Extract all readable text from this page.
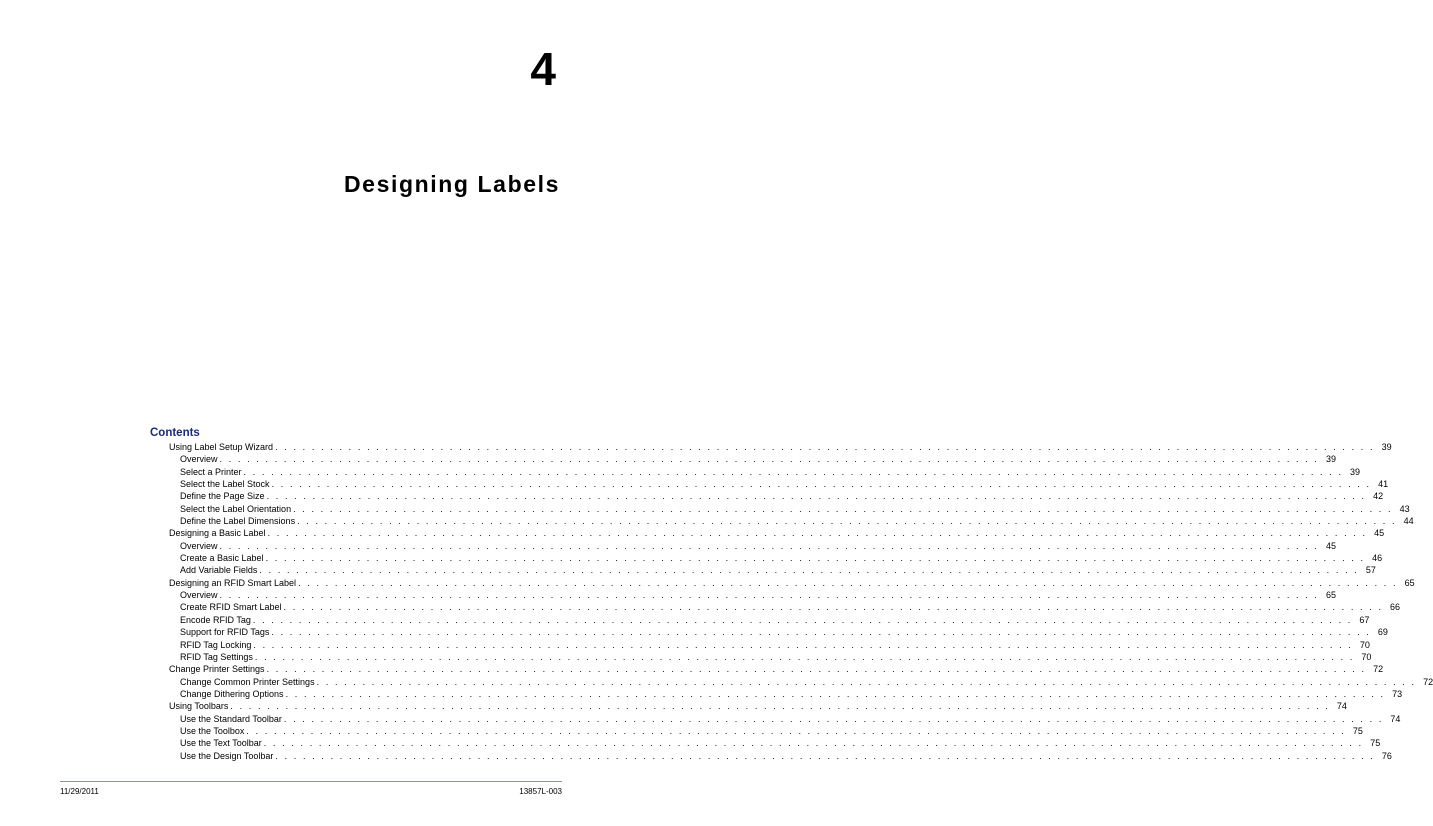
4
Designing Labels
Contents
Using Label Setup Wizard . . . . . . . . . . . . . . . . . . . . . . . . . . . . . . . . . . . . . . . . . . . . . . . . . . . . . . . . . . . . . . . . . . . . . . . . . . . . . . . . . . . . . . . . . . . . . . . . . . . . . . . . . . . . . . . . . . . . . . . . 39
Overview . . . . . . . . . . . . . . . . . . . . . . . . . . . . . . . . . . . . . . . . . . . . . . . . . . . . . . . . . . . . . . . . . . . . . . . . . . . . . . . . . . . . . . . . . . . . . . . . . . . . . . . . . . . . . . . . . . . . . . . . 39
Select a Printer . . . . . . . . . . . . . . . . . . . . . . . . . . . . . . . . . . . . . . . . . . . . . . . . . . . . . . . . . . . . . . . . . . . . . . . . . . . . . . . . . . . . . . . . . . . . . . . . . . . . . . . . . . . . . . . . . . . . . . . . 39
Select the Label Stock . . . . . . . . . . . . . . . . . . . . . . . . . . . . . . . . . . . . . . . . . . . . . . . . . . . . . . . . . . . . . . . . . . . . . . . . . . . . . . . . . . . . . . . . . . . . . . . . . . . . . . . . . . . . . . . . . . . . . . . . 41
Define the Page Size . . . . . . . . . . . . . . . . . . . . . . . . . . . . . . . . . . . . . . . . . . . . . . . . . . . . . . . . . . . . . . . . . . . . . . . . . . . . . . . . . . . . . . . . . . . . . . . . . . . . . . . . . . . . . . . . . . . . . . . . 42
Select the Label Orientation . . . . . . . . . . . . . . . . . . . . . . . . . . . . . . . . . . . . . . . . . . . . . . . . . . . . . . . . . . . . . . . . . . . . . . . . . . . . . . . . . . . . . . . . . . . . . . . . . . . . . . . . . . . . . . . . . . . . . . . . 43
Define the Label Dimensions . . . . . . . . . . . . . . . . . . . . . . . . . . . . . . . . . . . . . . . . . . . . . . . . . . . . . . . . . . . . . . . . . . . . . . . . . . . . . . . . . . . . . . . . . . . . . . . . . . . . . . . . . . . . . . . . . . . . . . . . 44
Designing a Basic Label . . . . . . . . . . . . . . . . . . . . . . . . . . . . . . . . . . . . . . . . . . . . . . . . . . . . . . . . . . . . . . . . . . . . . . . . . . . . . . . . . . . . . . . . . . . . . . . . . . . . . . . . . . . . . . . . . . . . . . . . 45
Overview . . . . . . . . . . . . . . . . . . . . . . . . . . . . . . . . . . . . . . . . . . . . . . . . . . . . . . . . . . . . . . . . . . . . . . . . . . . . . . . . . . . . . . . . . . . . . . . . . . . . . . . . . . . . . . . . . . . . . . . . 45
Create a Basic Label . . . . . . . . . . . . . . . . . . . . . . . . . . . . . . . . . . . . . . . . . . . . . . . . . . . . . . . . . . . . . . . . . . . . . . . . . . . . . . . . . . . . . . . . . . . . . . . . . . . . . . . . . . . . . . . . . . . . . . . . 46
Add Variable Fields . . . . . . . . . . . . . . . . . . . . . . . . . . . . . . . . . . . . . . . . . . . . . . . . . . . . . . . . . . . . . . . . . . . . . . . . . . . . . . . . . . . . . . . . . . . . . . . . . . . . . . . . . . . . . . . . . . . . . . . . 57
Designing an RFID Smart Label . . . . . . . . . . . . . . . . . . . . . . . . . . . . . . . . . . . . . . . . . . . . . . . . . . . . . . . . . . . . . . . . . . . . . . . . . . . . . . . . . . . . . . . . . . . . . . . . . . . . . . . . . . . . . . . . . . . . . . . . 65
Overview . . . . . . . . . . . . . . . . . . . . . . . . . . . . . . . . . . . . . . . . . . . . . . . . . . . . . . . . . . . . . . . . . . . . . . . . . . . . . . . . . . . . . . . . . . . . . . . . . . . . . . . . . . . . . . . . . . . . . . . . 65
Create RFID Smart Label . . . . . . . . . . . . . . . . . . . . . . . . . . . . . . . . . . . . . . . . . . . . . . . . . . . . . . . . . . . . . . . . . . . . . . . . . . . . . . . . . . . . . . . . . . . . . . . . . . . . . . . . . . . . . . . . . . . . . . . . 66
Encode RFID Tag . . . . . . . . . . . . . . . . . . . . . . . . . . . . . . . . . . . . . . . . . . . . . . . . . . . . . . . . . . . . . . . . . . . . . . . . . . . . . . . . . . . . . . . . . . . . . . . . . . . . . . . . . . . . . . . . . . . . . . . . 67
Support for RFID Tags . . . . . . . . . . . . . . . . . . . . . . . . . . . . . . . . . . . . . . . . . . . . . . . . . . . . . . . . . . . . . . . . . . . . . . . . . . . . . . . . . . . . . . . . . . . . . . . . . . . . . . . . . . . . . . . . . . . . . . . . 69
RFID Tag Locking . . . . . . . . . . . . . . . . . . . . . . . . . . . . . . . . . . . . . . . . . . . . . . . . . . . . . . . . . . . . . . . . . . . . . . . . . . . . . . . . . . . . . . . . . . . . . . . . . . . . . . . . . . . . . . . . . . . . . . . . 70
RFID Tag Settings . . . . . . . . . . . . . . . . . . . . . . . . . . . . . . . . . . . . . . . . . . . . . . . . . . . . . . . . . . . . . . . . . . . . . . . . . . . . . . . . . . . . . . . . . . . . . . . . . . . . . . . . . . . . . . . . . . . . . . . . 70
Change Printer Settings . . . . . . . . . . . . . . . . . . . . . . . . . . . . . . . . . . . . . . . . . . . . . . . . . . . . . . . . . . . . . . . . . . . . . . . . . . . . . . . . . . . . . . . . . . . . . . . . . . . . . . . . . . . . . . . . . . . . . . . . 72
Change Common Printer Settings . . . . . . . . . . . . . . . . . . . . . . . . . . . . . . . . . . . . . . . . . . . . . . . . . . . . . . . . . . . . . . . . . . . . . . . . . . . . . . . . . . . . . . . . . . . . . . . . . . . . . . . . . . . . . . . . . . . . . . . . 72
Change Dithering Options . . . . . . . . . . . . . . . . . . . . . . . . . . . . . . . . . . . . . . . . . . . . . . . . . . . . . . . . . . . . . . . . . . . . . . . . . . . . . . . . . . . . . . . . . . . . . . . . . . . . . . . . . . . . . . . . . . . . . . . . 73
Using Toolbars . . . . . . . . . . . . . . . . . . . . . . . . . . . . . . . . . . . . . . . . . . . . . . . . . . . . . . . . . . . . . . . . . . . . . . . . . . . . . . . . . . . . . . . . . . . . . . . . . . . . . . . . . . . . . . . . . . . . . . . . 74
Use the Standard Toolbar . . . . . . . . . . . . . . . . . . . . . . . . . . . . . . . . . . . . . . . . . . . . . . . . . . . . . . . . . . . . . . . . . . . . . . . . . . . . . . . . . . . . . . . . . . . . . . . . . . . . . . . . . . . . . . . . . . . . . . . . 74
Use the Toolbox . . . . . . . . . . . . . . . . . . . . . . . . . . . . . . . . . . . . . . . . . . . . . . . . . . . . . . . . . . . . . . . . . . . . . . . . . . . . . . . . . . . . . . . . . . . . . . . . . . . . . . . . . . . . . . . . . . . . . . . . 75
Use the Text Toolbar . . . . . . . . . . . . . . . . . . . . . . . . . . . . . . . . . . . . . . . . . . . . . . . . . . . . . . . . . . . . . . . . . . . . . . . . . . . . . . . . . . . . . . . . . . . . . . . . . . . . . . . . . . . . . . . . . . . . . . . . 75
Use the Design Toolbar . . . . . . . . . . . . . . . . . . . . . . . . . . . . . . . . . . . . . . . . . . . . . . . . . . . . . . . . . . . . . . . . . . . . . . . . . . . . . . . . . . . . . . . . . . . . . . . . . . . . . . . . . . . . . . . . . . . . . . . . 76
11/29/2011	13857L-003
